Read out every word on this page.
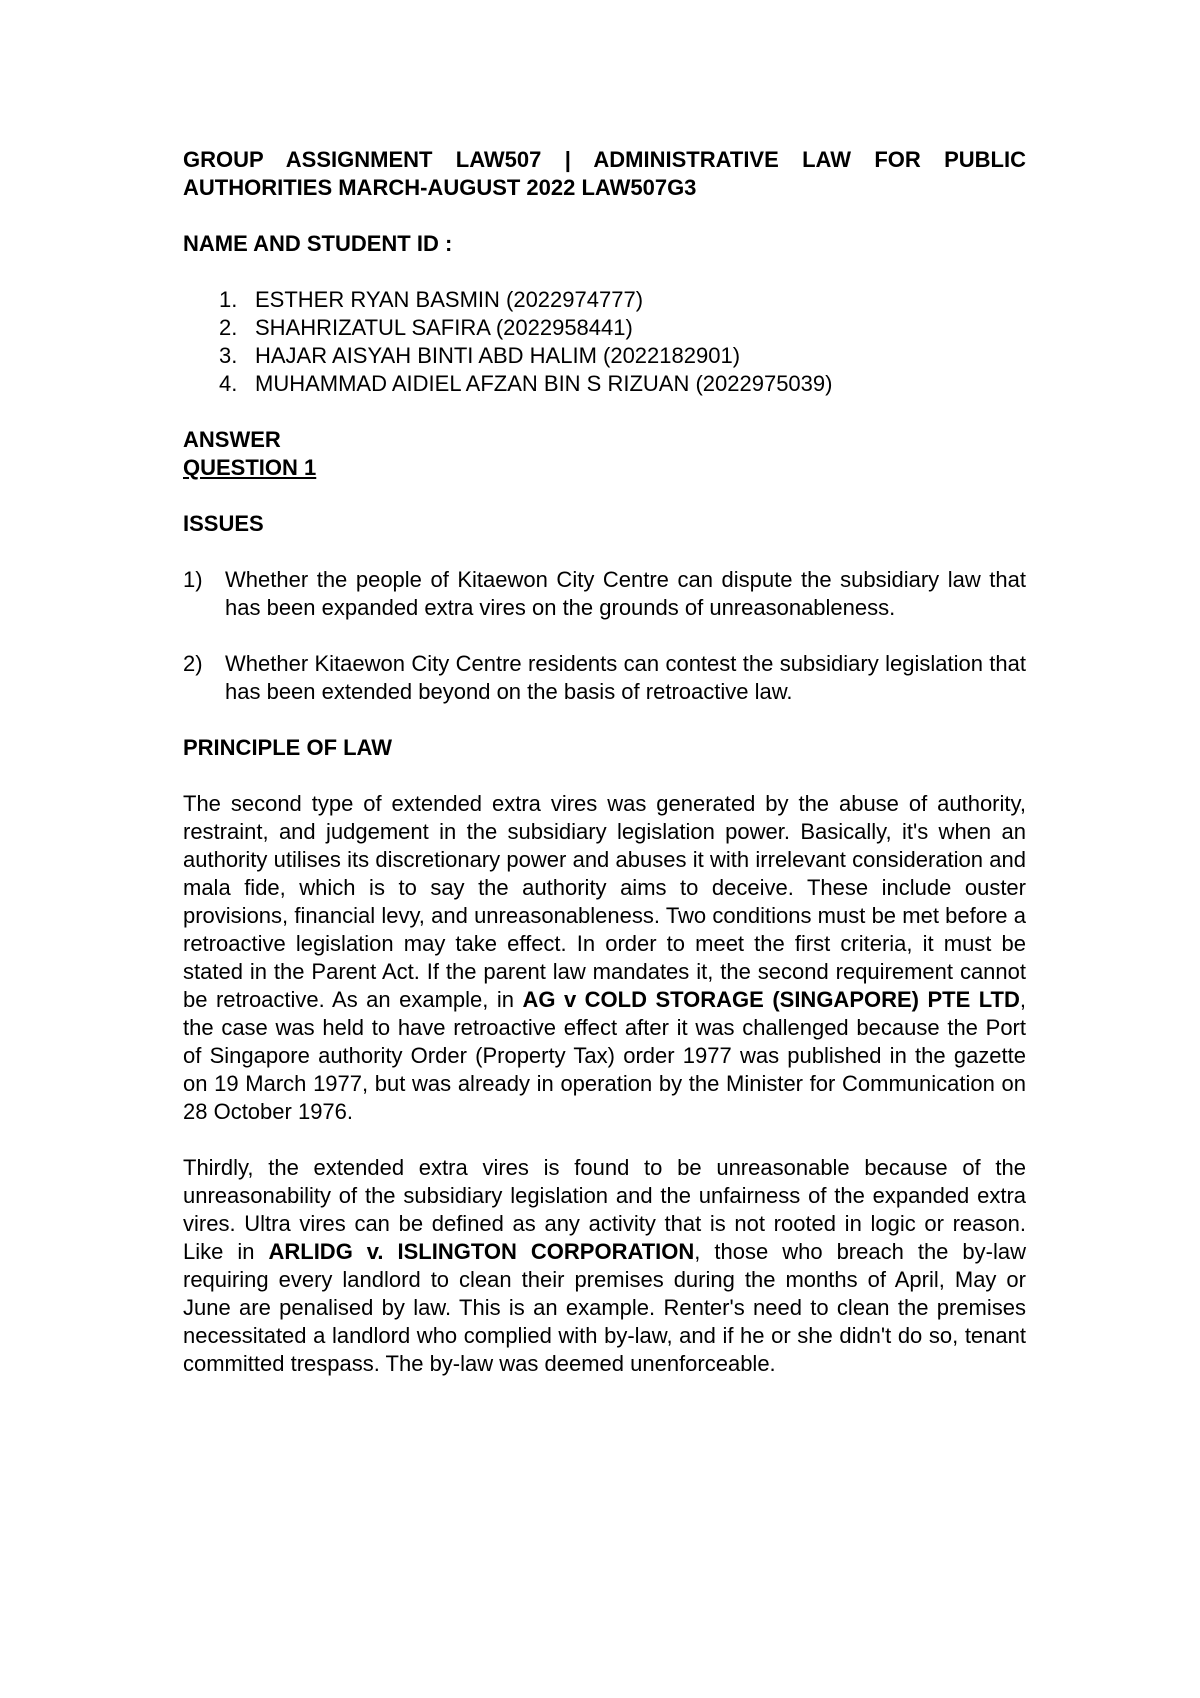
GROUP ASSIGNMENT LAW507 | ADMINISTRATIVE LAW FOR PUBLIC
AUTHORITIES MARCH-AUGUST 2022 LAW507G3
NAME AND STUDENT ID :
1. ESTHER RYAN BASMIN (2022974777)
2. SHAHRIZATUL SAFIRA (2022958441)
3. HAJAR AISYAH BINTI ABD HALIM (2022182901)
4. MUHAMMAD AIDIEL AFZAN BIN S RIZUAN (2022975039)
ANSWER
QUESTION 1
ISSUES
1)	Whether the people of Kitaewon City Centre can dispute the subsidiary law that has been expanded extra vires on the grounds of unreasonableness.
2)	Whether Kitaewon City Centre residents can contest the subsidiary legislation that has been extended beyond on the basis of retroactive law.
PRINCIPLE OF LAW

The second type of extended extra vires was generated by the abuse of authority, restraint, and judgement in the subsidiary legislation power. Basically, it's when an authority utilises its discretionary power and abuses it with irrelevant consideration and mala fide, which is to say the authority aims to deceive. These include ouster provisions, financial levy, and unreasonableness. Two conditions must be met before a retroactive legislation may take effect. In order to meet the first criteria, it must be stated in the Parent Act. If the parent law mandates it, the second requirement cannot be retroactive. As an example, in AG v COLD STORAGE (SINGAPORE) PTE LTD, the case was held to have retroactive effect after it was challenged because the Port of Singapore authority Order (Property Tax) order 1977 was published in the gazette on 19 March 1977, but was already in operation by the Minister for Communication on 28 October 1976.

Thirdly, the extended extra vires is found to be unreasonable because of the unreasonability of the subsidiary legislation and the unfairness of the expanded extra vires. Ultra vires can be defined as any activity that is not rooted in logic or reason. Like in ARLIDG v. ISLINGTON CORPORATION, those who breach the by-law requiring every landlord to clean their premises during the months of April, May or June are penalised by law. This is an example. Renter's need to clean the premises necessitated a landlord who complied with by-law, and if he or she didn't do so, tenant committed trespass. The by-law was deemed unenforceable.
